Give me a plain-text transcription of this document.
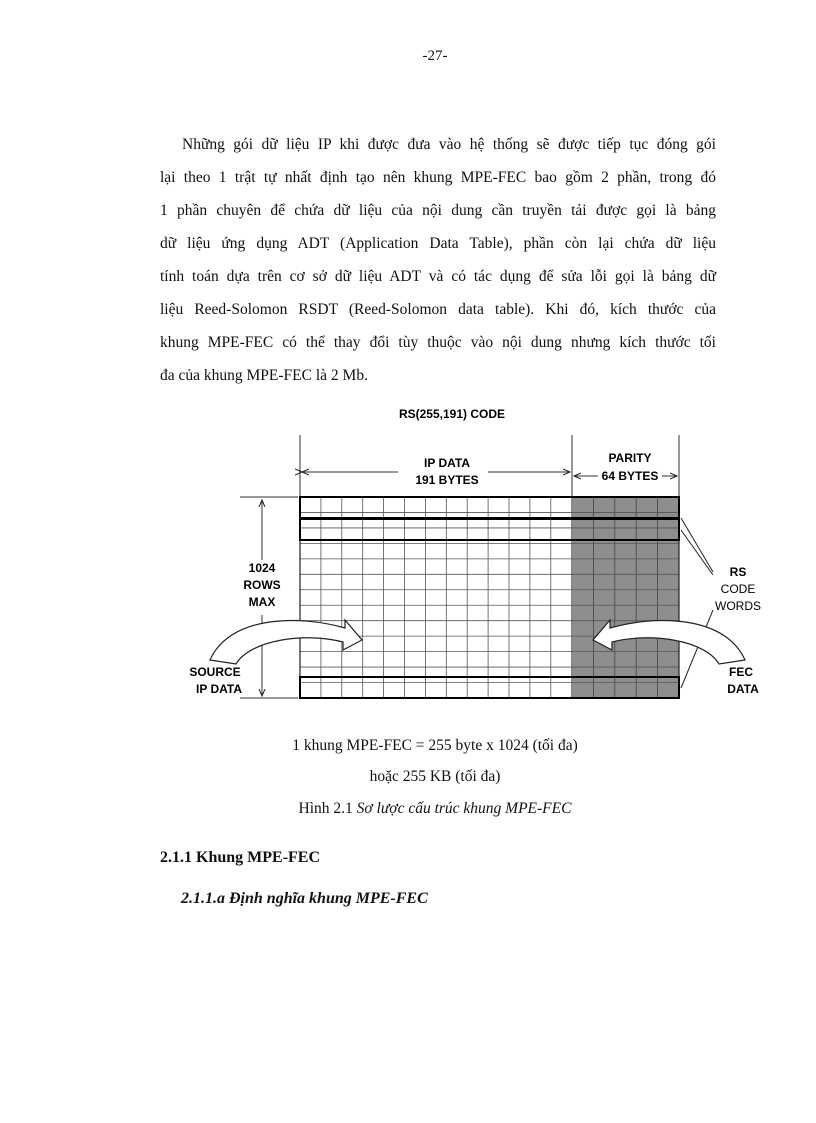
-27-
Những gói dữ liệu IP khi được đưa vào hệ thống sẽ được tiếp tục đóng gói
lại theo 1 trật tự nhất định tạo nên khung MPE-FEC bao gồm 2 phần, trong đó
1 phần chuyên để chứa dữ liệu của nội dung cần truyền tải được gọi là bảng
dữ liệu ứng dụng ADT (Application Data Table), phần còn lại chứa dữ liệu
tính toán dựa trên cơ sở dữ liệu ADT và có tác dụng để sửa lỗi gọi là bảng dữ
liệu Reed-Solomon RSDT (Reed-Solomon data table). Khi đó, kích thước của
khung MPE-FEC có thể thay đổi tùy thuộc vào nội dung nhưng kích thước tối
đa của khung MPE-FEC là 2 Mb.
RS(255,191) CODE
IP DATA
191 BYTES
PARITY
64 BYTES
1024
ROWS
MAX
RS
CODE
WORDS
SOURCE
IP DATA
FEC
DATA
1 khung MPE-FEC = 255 byte x 1024 (tối đa)
hoặc 255 KB (tối đa)
Hình 2.1 Sơ lược cấu trúc khung MPE-FEC
2.1.1 Khung MPE-FEC
2.1.1.a Định nghĩa khung MPE-FEC
